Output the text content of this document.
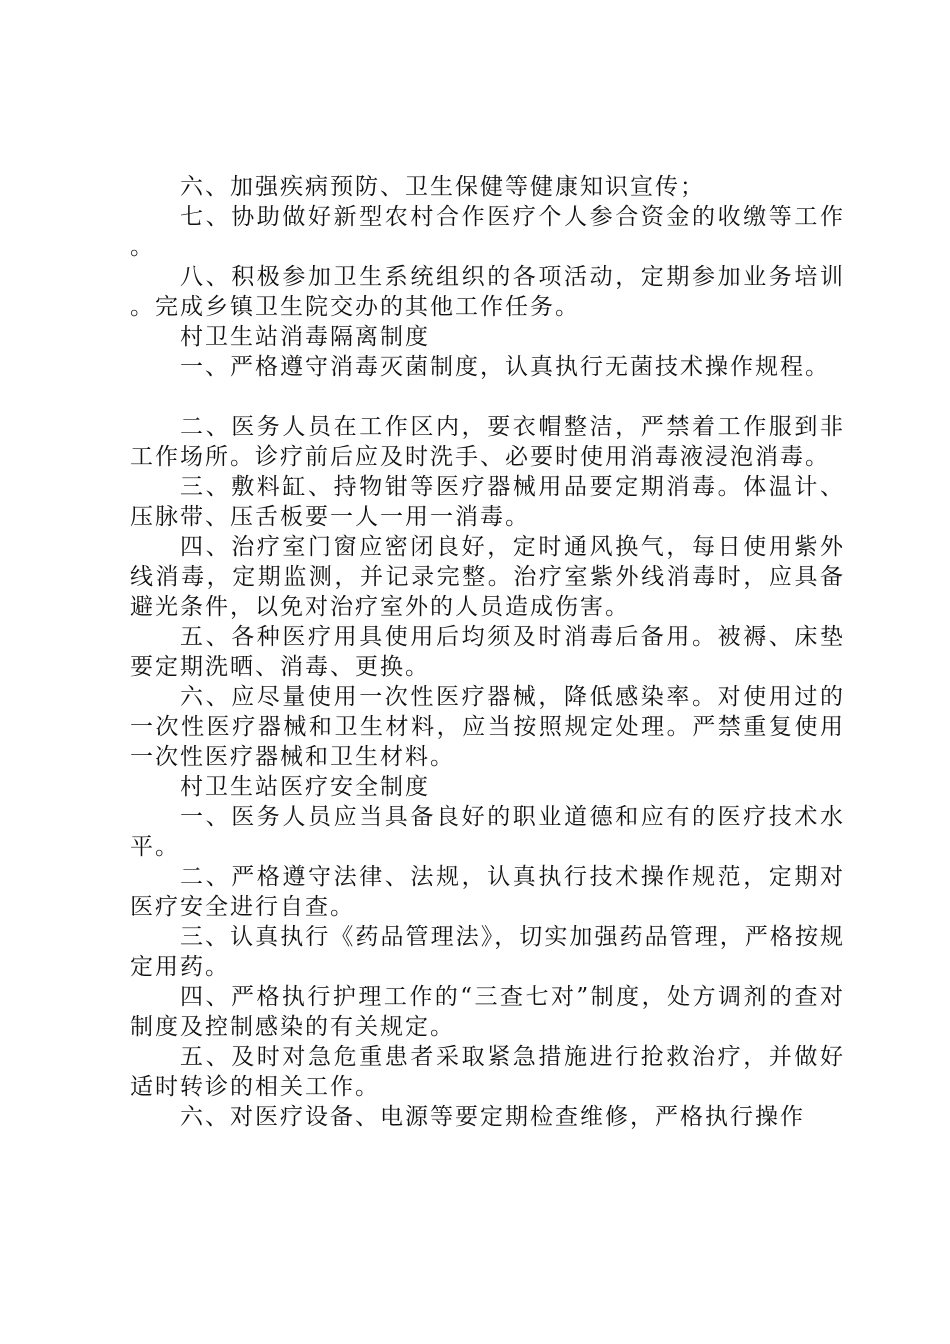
六、加强疾病预防、卫生保健等健康知识宣传；

七、协助做好新型农村合作医疗个人参合资金的收缴等工作。

八、积极参加卫生系统组织的各项活动，定期参加业务培训。完成乡镇卫生院交办的其他工作任务。

村卫生站消毒隔离制度

一、严格遵守消毒灭菌制度，认真执行无菌技术操作规程。

二、医务人员在工作区内，要衣帽整洁，严禁着工作服到非工作场所。诊疗前后应及时洗手、必要时使用消毒液浸泡消毒。

三、敷料缸、持物钳等医疗器械用品要定期消毒。体温计、压脉带、压舌板要一人一用一消毒。

四、治疗室门窗应密闭良好，定时通风换气，每日使用紫外线消毒，定期监测，并记录完整。治疗室紫外线消毒时，应具备避光条件，以免对治疗室外的人员造成伤害。

五、各种医疗用具使用后均须及时消毒后备用。被褥、床垫要定期洗晒、消毒、更换。

六、应尽量使用一次性医疗器械，降低感染率。对使用过的一次性医疗器械和卫生材料，应当按照规定处理。严禁重复使用一次性医疗器械和卫生材料。

村卫生站医疗安全制度

一、医务人员应当具备良好的职业道德和应有的医疗技术水平。

二、严格遵守法律、法规，认真执行技术操作规范，定期对医疗安全进行自查。

三、认真执行《药品管理法》，切实加强药品管理，严格按规定用药。

四、严格执行护理工作的“三查七对”制度，处方调剂的查对制度及控制感染的有关规定。

五、及时对急危重患者采取紧急措施进行抢救治疗，并做好适时转诊的相关工作。

六、对医疗设备、电源等要定期检查维修，严格执行操作
